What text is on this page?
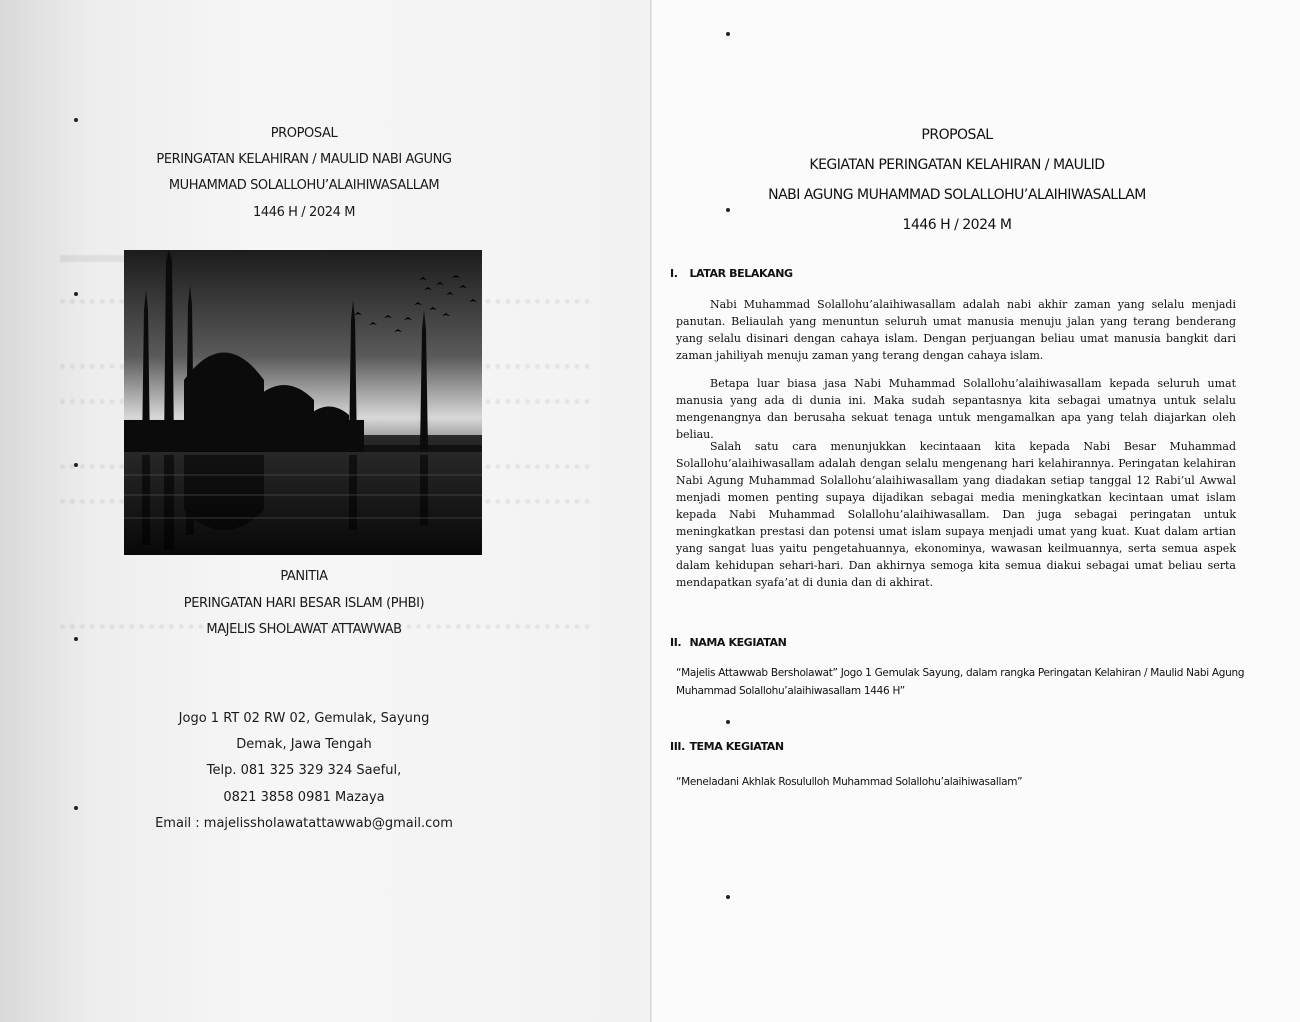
PROPOSAL
PERINGATAN KELAHIRAN / MAULID NABI AGUNG
MUHAMMAD SOLALLOHU’ALAIHIWASALLAM
1446 H / 2024 M
PANITIA
PERINGATAN HARI BESAR ISLAM (PHBI)
MAJELIS SHOLAWAT ATTAWWAB
Jogo 1 RT 02 RW 02, Gemulak, Sayung
Demak, Jawa Tengah
Telp. 081 325 329 324 Saeful,
0821 3858 0981 Mazaya
Email : majelissholawatattawwab@gmail.com
PROPOSAL
KEGIATAN PERINGATAN KELAHIRAN / MAULID
NABI AGUNG MUHAMMAD SOLALLOHU’ALAIHIWASALLAM
1446 H / 2024 M
I. LATAR BELAKANG
Nabi Muhammad Solallohu’alaihiwasallam adalah nabi akhir zaman yang selalu menjadi panutan. Beliaulah yang menuntun seluruh umat manusia menuju jalan yang terang benderang yang selalu disinari dengan cahaya islam. Dengan perjuangan beliau umat manusia bangkit dari zaman jahiliyah menuju zaman yang terang dengan cahaya islam.
Betapa luar biasa jasa Nabi Muhammad Solallohu’alaihiwasallam kepada seluruh umat manusia yang ada di dunia ini. Maka sudah sepantasnya kita sebagai umatnya untuk selalu mengenangnya dan berusaha sekuat tenaga untuk mengamalkan apa yang telah diajarkan oleh beliau.
Salah satu cara menunjukkan kecintaaan kita kepada Nabi Besar Muhammad Solallohu’alaihiwasallam adalah dengan selalu mengenang hari kelahirannya. Peringatan kelahiran Nabi Agung Muhammad Solallohu’alaihiwasallam yang diadakan setiap tanggal 12 Rabi’ul Awwal menjadi momen penting supaya dijadikan sebagai media meningkatkan kecintaan umat islam kepada Nabi Muhammad Solallohu’alaihiwasallam. Dan juga sebagai peringatan untuk meningkatkan prestasi dan potensi umat islam supaya menjadi umat yang kuat. Kuat dalam artian yang sangat luas yaitu pengetahuannya, ekonominya, wawasan keilmuannya, serta semua aspek dalam kehidupan sehari-hari. Dan akhirnya semoga kita semua diakui sebagai umat beliau serta mendapatkan syafa’at di dunia dan di akhirat.
II. NAMA KEGIATAN
“Majelis Attawwab Bersholawat” Jogo 1 Gemulak Sayung, dalam rangka Peringatan Kelahiran / Maulid Nabi Agung Muhammad Solallohu’alaihiwasallam 1446 H”
III. TEMA KEGIATAN
“Meneladani Akhlak Rosululloh Muhammad Solallohu’alaihiwasallam”
